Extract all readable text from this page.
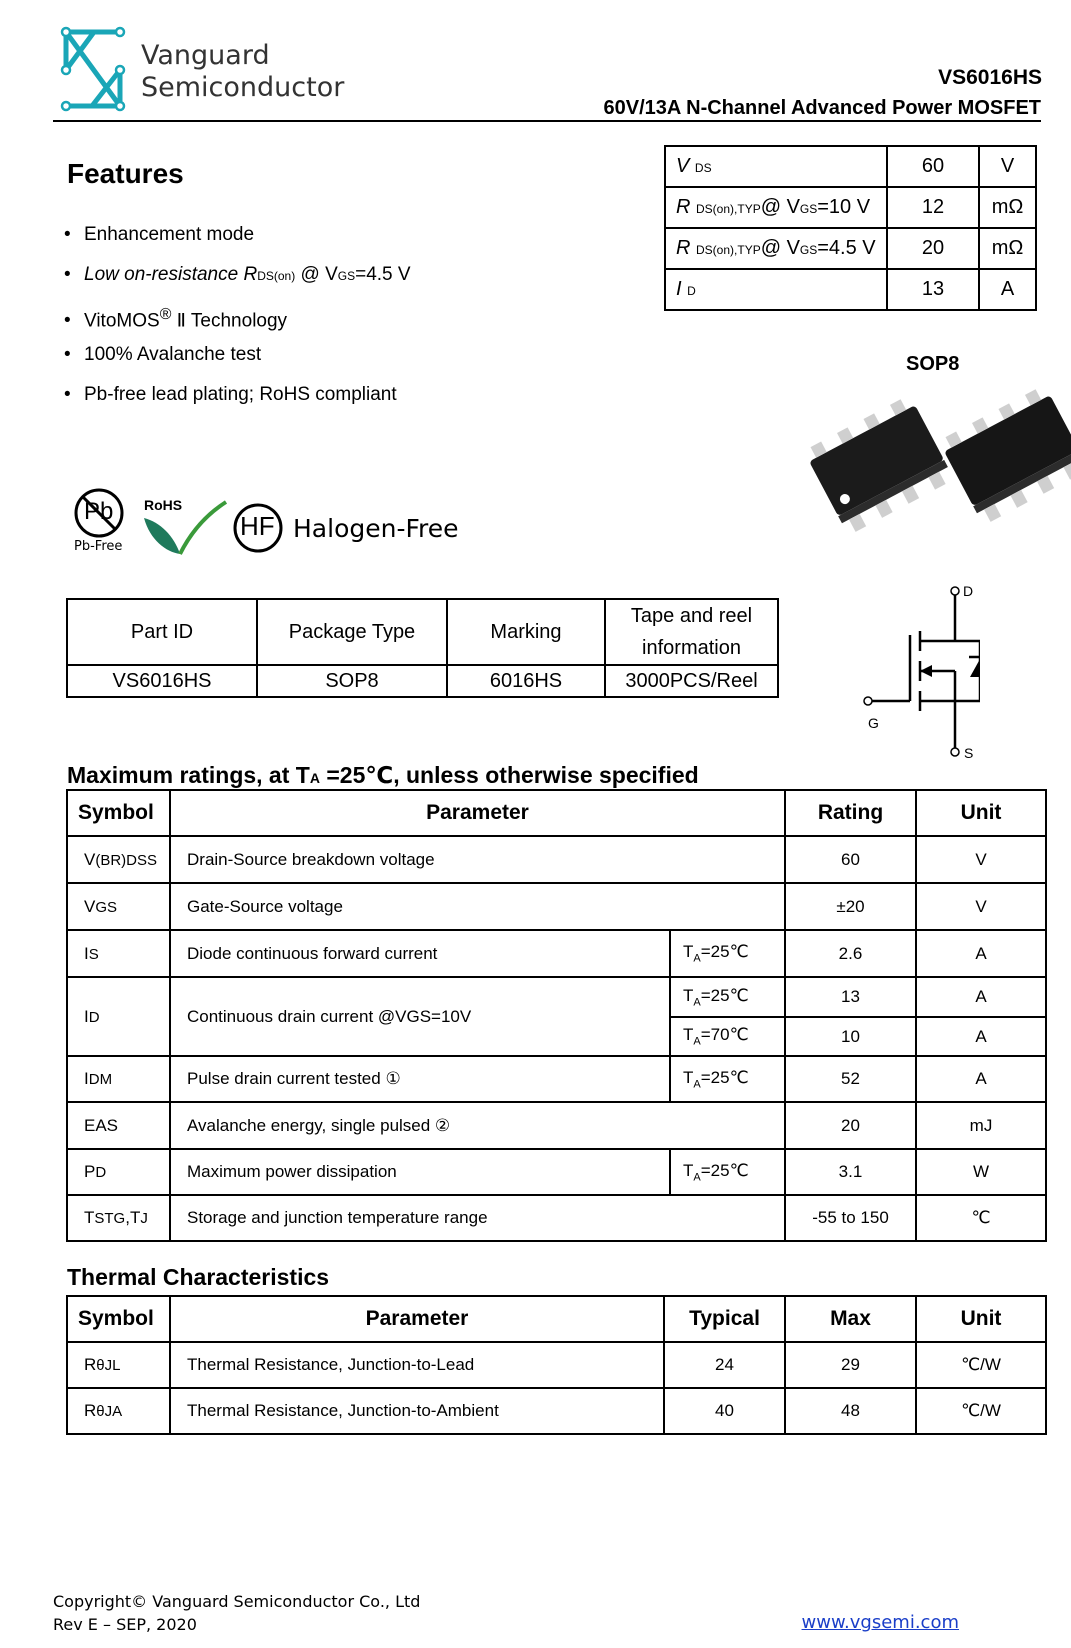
Vanguard
Semiconductor	VS6016HS
60V/13A N-Channel Advanced Power MOSFET
Features
• Enhancement mode
• Low on-resistance RDS(on) @ VGS=4.5 V
• VitoMOS® Ⅱ Technology
• 100% Avalanche test
• Pb-free lead plating; RoHS compliant
V DS	60	V
R DS(on),TYP@ VGS=10 V	12	mΩ
R DS(on),TYP@ VGS=4.5 V	20	mΩ
I D	13	A
SOP8
Pb
Pb-Free
RoHS
HF Halogen-Free
Part ID	Package Type	Marking	Tape and reel information
VS6016HS	SOP8	6016HS	3000PCS/Reel
D
S
G
Maximum ratings, at TA =25℃, unless otherwise specified
Symbol	Parameter		Rating	Unit
V(BR)DSS	Drain-Source breakdown voltage		60	V
VGS	Gate-Source voltage		±20	V
IS	Diode continuous forward current	$T_A=25℃$	2.6	A
ID	Continuous drain current @VGS=10V	$T_A=25℃$	13	A
		$T_A=70℃$	10	A
IDM	Pulse drain current tested ①	$T_A=25℃$	52	A
EAS	Avalanche energy, single pulsed ②		20	mJ
PD	Maximum power dissipation	$T_A=25℃$	3.1	W
TSTG,TJ	Storage and junction temperature range		-55 to 150	℃
Thermal Characteristics
Symbol	Parameter	Typical	Max	Unit
RθJL	Thermal Resistance, Junction-to-Lead	24	29	℃/W
RθJA	Thermal Resistance, Junction-to-Ambient	40	48	℃/W
Copyright© Vanguard Semiconductor Co., Ltd
Rev E – SEP, 2020	www.vgsemi.com
